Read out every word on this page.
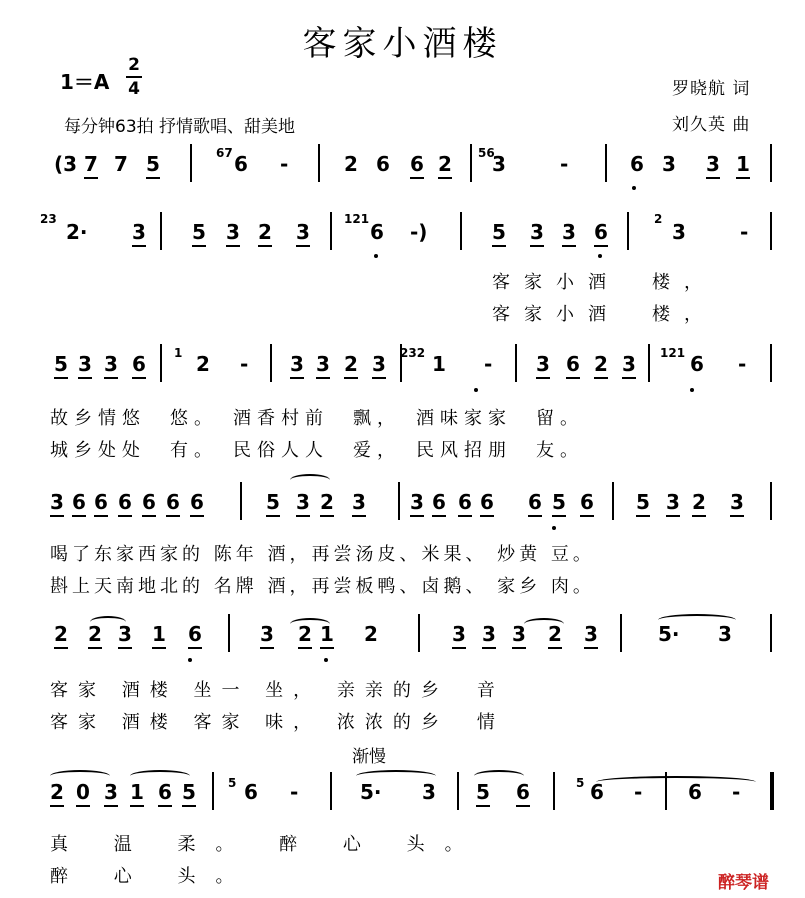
客家小酒楼
1＝A
2
4
每分钟63拍 抒情歌唱、甜美地
罗晓航 词
刘久英 曲
(3 7 7 5	6 -	2 6 6 2 3	-	6 3 3 1
2· 3 5 3 2 3	6 -)	5 3 3 6	3	-
5 3 3 6	2 - 3 3 2 3 1 - 3 6 2 3	6 -
3 6 6 6 6 6 6	5 3 2 3 3 6 6 6 6 5 6 5 3 2 3
2 2 3 1 6	3 2 1 2	3 3 3 2 3	5· 3
2 0 3 1 6 5 6 -	5· 3 5 6	6 - 6 -
67	56
23	121	2
1	232	121
5	5
客家小酒　楼，
客家小酒　楼，
故乡情悠　悠。　酒香村前　飘，　酒味家家　留。
城乡处处　有。　民俗人人　爱，　民风招朋　友。
喝了东家西家的 陈年 酒，再尝汤皮、米果、 炒黄 豆。
斟上天南地北的 名牌 酒，再尝板鸭、卤鹅、 家乡 肉。
客家 酒楼 坐一 坐， 亲亲的乡　音
客家 酒楼 客家 味， 浓浓的乡　情
真 温 柔。 醉 心 头。
醉 心 头。
渐慢
醉琴谱
